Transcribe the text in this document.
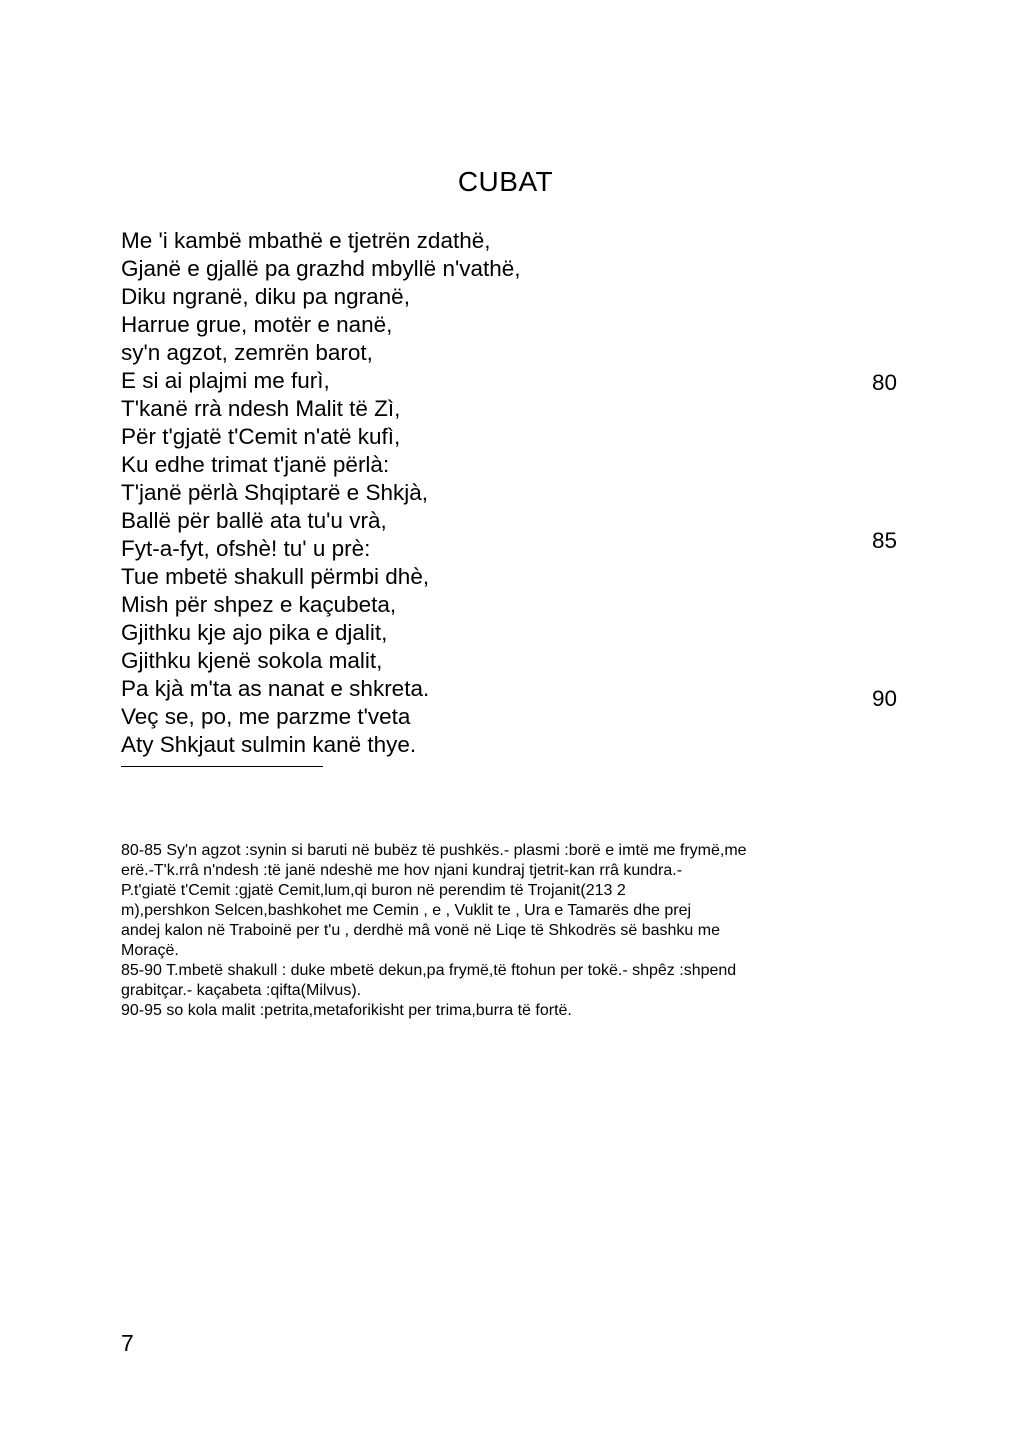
CUBAT
Me 'i kambë mbathë e tjetrën zdathë,
Gjanë e gjallë pa grazhd mbyllë n'vathë,
Diku ngranë, diku pa ngranë,
Harrue grue, motër e nanë,
sy'n agzot, zemrën barot,
E si ai plajmi me furì,
T'kanë rrà ndesh Malit të Zì,
Për t'gjatë t'Cemit n'atë kufì,
Ku edhe trimat t'janë përlà:
T'janë përlà Shqiptarë e Shkjà,
Ballë për ballë ata tu'u vrà,
Fyt-a-fyt, ofshè! tu' u prè:
Tue mbetë shakull përmbi dhè,
Mish për shpez e kaçubeta,
Gjithku kje ajo pika e djalit,
Gjithku kjenë sokola malit,
Pa kjà m'ta as nanat e shkreta.
Veç se, po, me parzme t'veta
Aty Shkjaut sulmin kanë thye.
80
85
90

80-85 Sy'n agzot :synin si baruti në bubëz të pushkës.- plasmi :borë e imtë me frymë,me
erë.-T'k.rrâ n'ndesh :të janë ndeshë me hov njani kundraj tjetrit-kan rrâ kundra.-
P.t'giatë t'Cemit :gjatë Cemit,lum,qi buron në perendim të Trojanit(213 2
m),pershkon Selcen,bashkohet me Cemin , e , Vuklit te , Ura e Tamarës dhe prej
andej kalon në Traboinë per t'u , derdhë mâ vonë në Liqe të Shkodrës së bashku me
Moraçë.

85-90 T.mbetë shakull : duke mbetë dekun,pa frymë,të ftohun per tokë.- shpêz :shpend
grabitçar.- kaçabeta :qifta(Milvus).

90-95 so kola malit :petrita,metaforikisht per trima,burra të fortë.

7
